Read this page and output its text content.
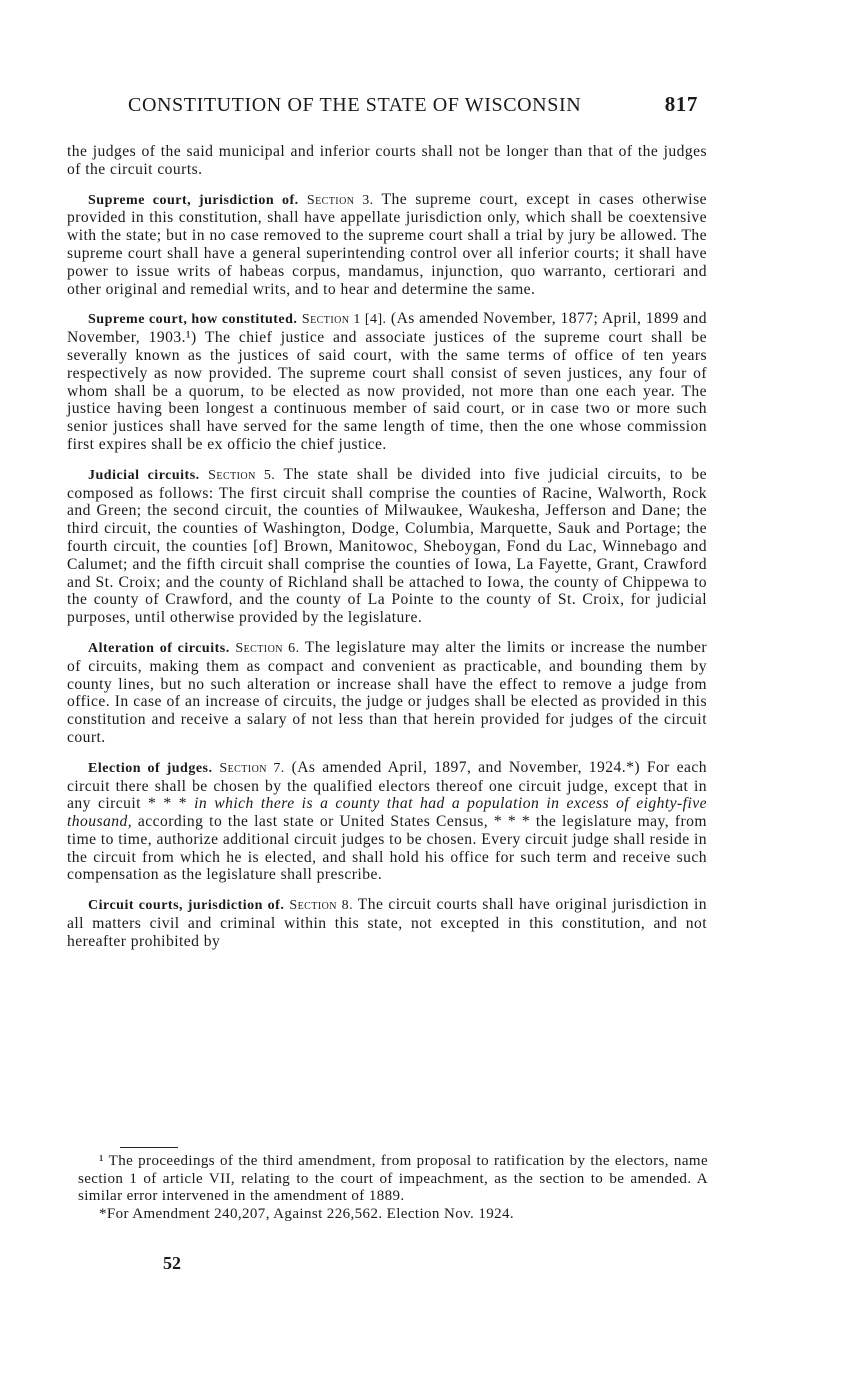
CONSTITUTION OF THE STATE OF WISCONSIN	817

the judges of the said municipal and inferior courts shall not be longer than that of the judges of the circuit courts.

Supreme court, jurisdiction of. Section 3. The supreme court, except in cases otherwise provided in this constitution, shall have appellate jurisdiction only, which shall be coextensive with the state; but in no case removed to the supreme court shall a trial by jury be allowed. The supreme court shall have a general superintending control over all inferior courts; it shall have power to issue writs of habeas corpus, mandamus, injunction, quo warranto, certiorari and other original and remedial writs, and to hear and determine the same.

Supreme court, how constituted. Section 1 [4]. (As amended November, 1877; April, 1899 and November, 1903.¹) The chief justice and associate justices of the supreme court shall be severally known as the justices of said court, with the same terms of office of ten years respectively as now provided. The supreme court shall consist of seven justices, any four of whom shall be a quorum, to be elected as now provided, not more than one each year. The justice having been longest a continuous member of said court, or in case two or more such senior justices shall have served for the same length of time, then the one whose commission first expires shall be ex officio the chief justice.

Judicial circuits. Section 5. The state shall be divided into five judicial circuits, to be composed as follows: The first circuit shall comprise the counties of Racine, Walworth, Rock and Green; the second circuit, the counties of Milwaukee, Waukesha, Jefferson and Dane; the third circuit, the counties of Washington, Dodge, Columbia, Marquette, Sauk and Portage; the fourth circuit, the counties [of] Brown, Manitowoc, Sheboygan, Fond du Lac, Winnebago and Calumet; and the fifth circuit shall comprise the counties of Iowa, La Fayette, Grant, Crawford and St. Croix; and the county of Richland shall be attached to Iowa, the county of Chippewa to the county of Crawford, and the county of La Pointe to the county of St. Croix, for judicial purposes, until otherwise provided by the legislature.

Alteration of circuits. Section 6. The legislature may alter the limits or increase the number of circuits, making them as compact and convenient as practicable, and bounding them by county lines, but no such alteration or increase shall have the effect to remove a judge from office. In case of an increase of circuits, the judge or judges shall be elected as provided in this constitution and receive a salary of not less than that herein provided for judges of the circuit court.

Election of judges. Section 7. (As amended April, 1897, and November, 1924.*) For each circuit there shall be chosen by the qualified electors thereof one circuit judge, except that in any circuit * * * in which there is a county that had a population in excess of eighty-five thousand, according to the last state or United States Census, * * * the legislature may, from time to time, authorize additional circuit judges to be chosen. Every circuit judge shall reside in the circuit from which he is elected, and shall hold his office for such term and receive such compensation as the legislature shall prescribe.

Circuit courts, jurisdiction of. Section 8. The circuit courts shall have original jurisdiction in all matters civil and criminal within this state, not excepted in this constitution, and not hereafter prohibited by

¹ The proceedings of the third amendment, from proposal to ratification by the electors, name section 1 of article VII, relating to the court of impeachment, as the section to be amended. A similar error intervened in the amendment of 1889.

*For Amendment 240,207, Against 226,562. Election Nov. 1924.

52
